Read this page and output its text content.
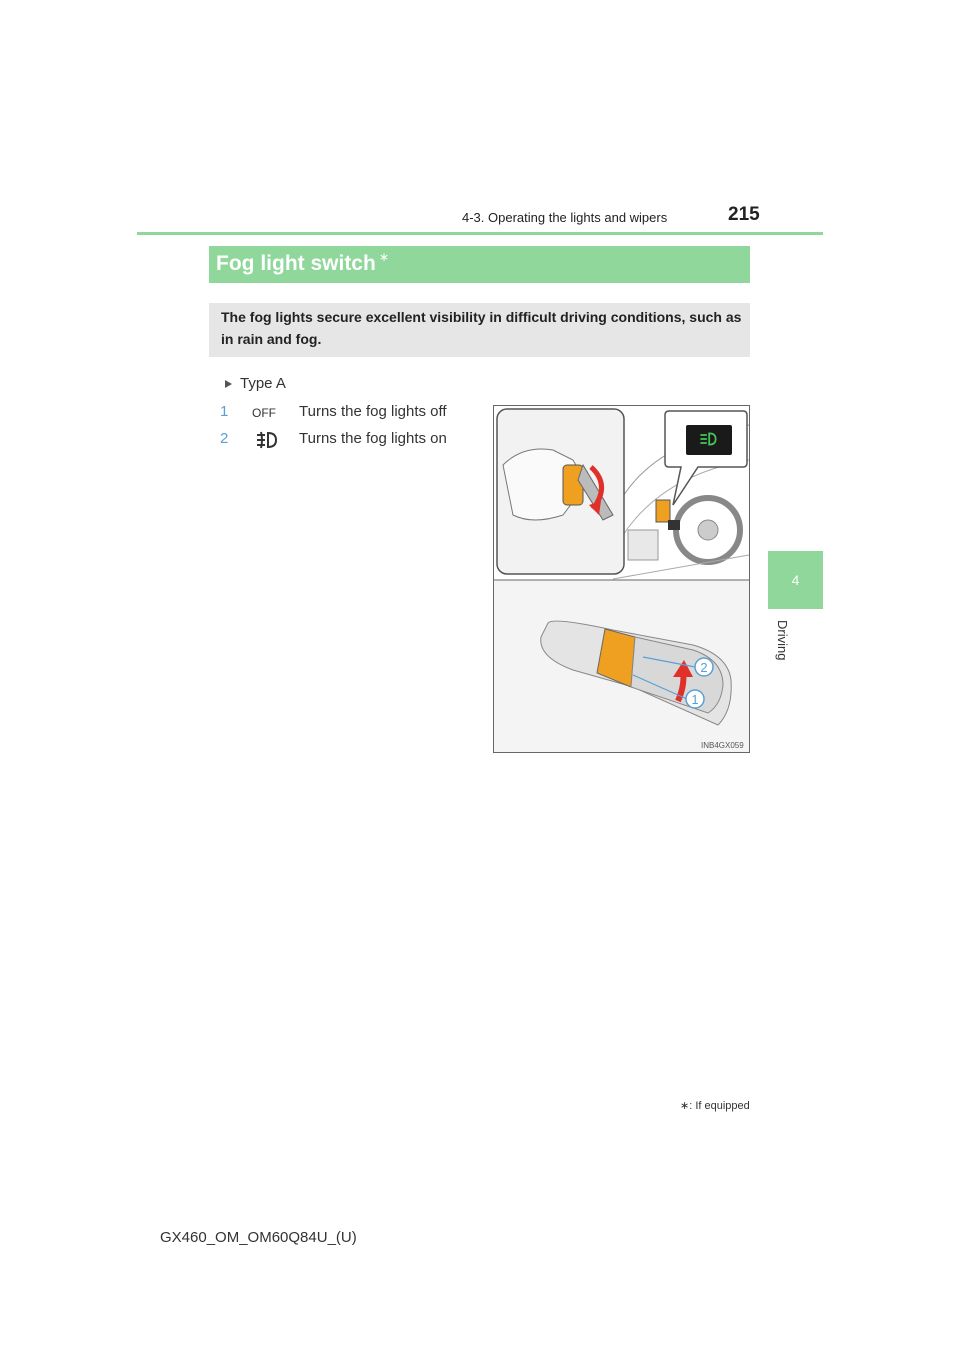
4-3. Operating the lights and wipers	215
4
Driving
Fog light switch ∗
The fog lights secure excellent visibility in difficult driving conditions, such as in rain and fog.
Type A
1 OFF Turns the fog lights off
2	Turns the fog lights on
2
1
INB4GX059
∗: If equipped
GX460_OM_OM60Q84U_(U)
